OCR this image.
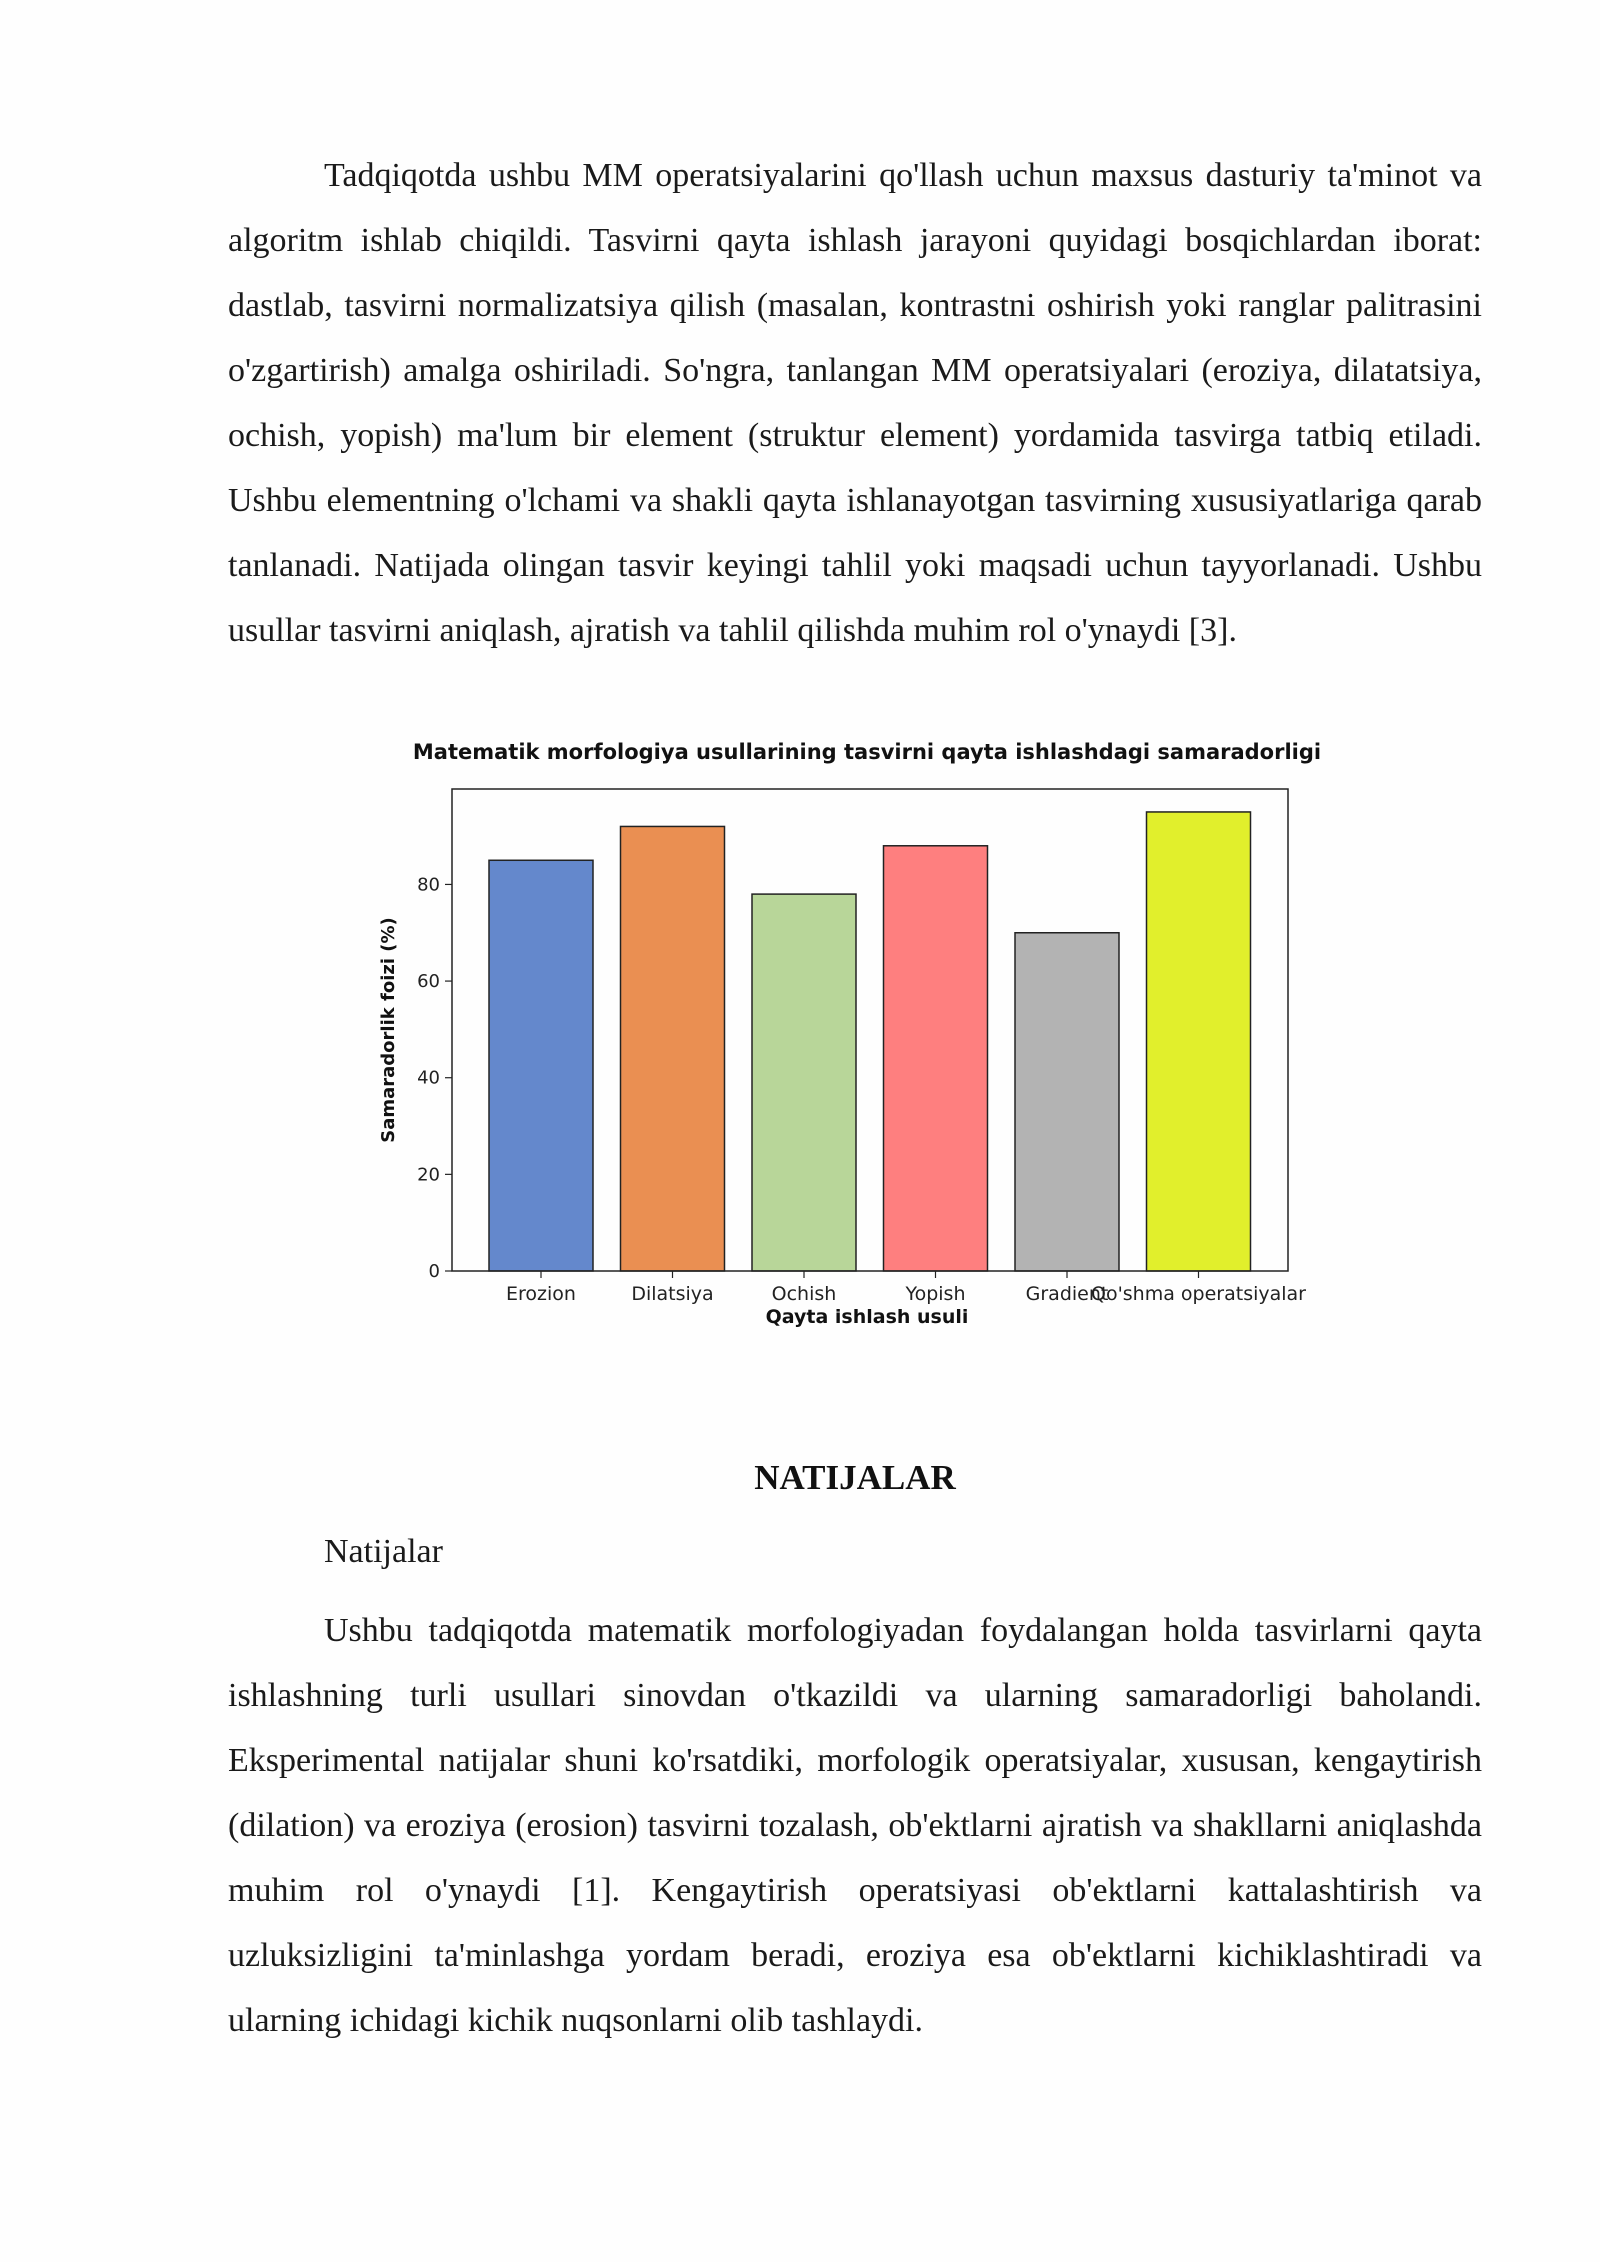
Tadqiqotda ushbu MM operatsiyalarini qo'llash uchun maxsus dasturiy ta'minot va algoritm ishlab chiqildi. Tasvirni qayta ishlash jarayoni quyidagi bosqichlardan iborat: dastlab, tasvirni normalizatsiya qilish (masalan, kontrastni oshirish yoki ranglar palitrasini o'zgartirish) amalga oshiriladi. So'ngra, tanlangan MM operatsiyalari (eroziya, dilatatsiya, ochish, yopish) ma'lum bir element (struktur element) yordamida tasvirga tatbiq etiladi. Ushbu elementning o'lchami va shakli qayta ishlanayotgan tasvirning xususiyatlariga qarab tanlanadi. Natijada olingan tasvir keyingi tahlil yoki maqsadi uchun tayyorlanadi. Ushbu usullar tasvirni aniqlash, ajratish va tahlil qilishda muhim rol o'ynaydi [3].

Matematik morfologiya usullarining tasvirni qayta ishlashdagi samaradorligi
Samaradorlik foizi (%)
Qayta ishlash usuli
0
20
40
60
80
Erozion	Dilatsiya	Ochish	Yopish	Gradient
Qo'shma operatsiyalar
NATIJALAR

Natijalar

Ushbu tadqiqotda matematik morfologiyadan foydalangan holda tasvirlarni qayta ishlashning turli usullari sinovdan o'tkazildi va ularning samaradorligi baholandi. Eksperimental natijalar shuni ko'rsatdiki, morfologik operatsiyalar, xususan, kengaytirish (dilation) va eroziya (erosion) tasvirni tozalash, ob'ektlarni ajratish va shakllarni aniqlashda muhim rol o'ynaydi [1]. Kengaytirish operatsiyasi ob'ektlarni kattalashtirish va uzluksizligini ta'minlashga yordam beradi, eroziya esa ob'ektlarni kichiklashtiradi va ularning ichidagi kichik nuqsonlarni olib tashlaydi.
